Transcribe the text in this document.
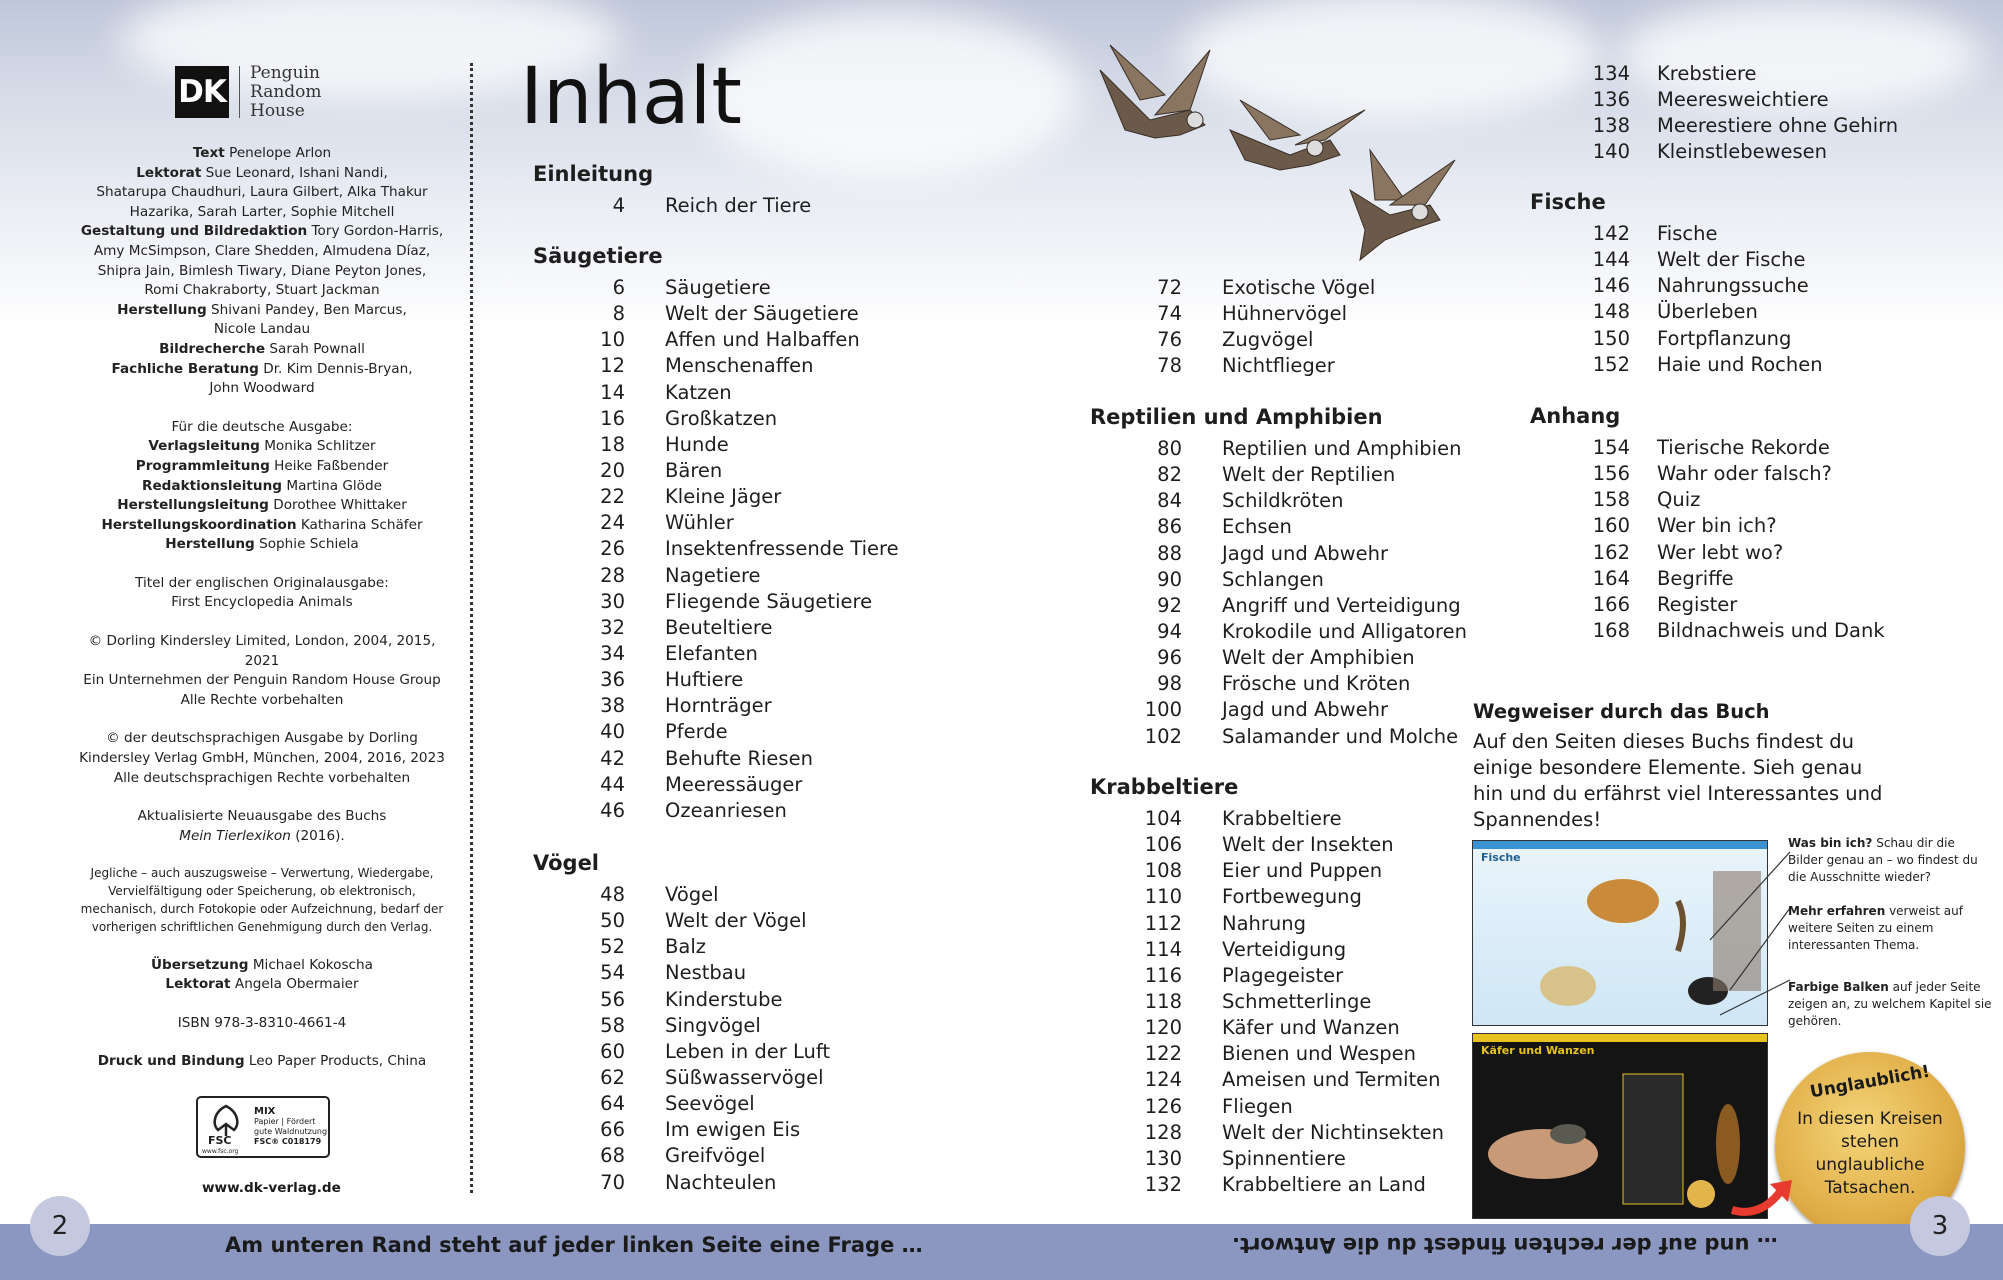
DK
Penguin
Random
House

Text Penelope Arlon

Lektorat Sue Leonard, Ishani Nandi,

Shatarupa Chaudhuri, Laura Gilbert, Alka Thakur

Hazarika, Sarah Larter, Sophie Mitchell

Gestaltung und Bildredaktion Tory Gordon-Harris,

Amy McSimpson, Clare Shedden, Almudena Díaz,

Shipra Jain, Bimlesh Tiwary, Diane Peyton Jones,

Romi Chakraborty, Stuart Jackman

Herstellung Shivani Pandey, Ben Marcus,

Nicole Landau

Bildrecherche Sarah Pownall

Fachliche Beratung Dr. Kim Dennis-Bryan,

John Woodward

Für die deutsche Ausgabe:

Verlagsleitung Monika Schlitzer

Programmleitung Heike Faßbender

Redaktionsleitung Martina Glöde

Herstellungsleitung Dorothee Whittaker

Herstellungskoordination Katharina Schäfer

Herstellung Sophie Schiela

Titel der englischen Originalausgabe:

First Encyclopedia Animals

© Dorling Kindersley Limited, London, 2004, 2015,

2021

Ein Unternehmen der Penguin Random House Group

Alle Rechte vorbehalten

© der deutschsprachigen Ausgabe by Dorling

Kindersley Verlag GmbH, München, 2004, 2016, 2023

Alle deutschsprachigen Rechte vorbehalten

Aktualisierte Neuausgabe des Buchs

Mein Tierlexikon (2016).

Jegliche – auch auszugsweise – Verwertung, Wiedergabe,

Vervielfältigung oder Speicherung, ob elektronisch,

mechanisch, durch Fotokopie oder Aufzeichnung, bedarf der

vorherigen schriftlichen Genehmigung durch den Verlag.

Übersetzung Michael Kokoscha

Lektorat Angela Obermaier

ISBN 978-3-8310-4661-4

Druck und Bindung Leo Paper Products, China

MIX
Papier | Fördert
gute Waldnutzung
FSC® C018179
FSC
www.fsc.org
www.dk-verlag.de
Inhalt
Einleitung
4 Reich der Tiere
Säugetiere
6 Säugetiere
8 Welt der Säugetiere
10 Affen und Halbaffen
12 Menschenaffen
14 Katzen
16 Großkatzen
18 Hunde
20 Bären
22 Kleine Jäger
24 Wühler
26 Insektenfressende Tiere
28 Nagetiere
30 Fliegende Säugetiere
32 Beuteltiere
34 Elefanten
36 Huftiere
38 Hornträger
40 Pferde
42 Behufte Riesen
44 Meeressäuger
46 Ozeanriesen
Vögel
48 Vögel
50 Welt der Vögel
52 Balz
54 Nestbau
56 Kinderstube
58 Singvögel
60 Leben in der Luft
62 Süßwasservögel
64 Seevögel
66 Im ewigen Eis
68 Greifvögel
70 Nachteulen
72 Exotische Vögel
74 Hühnervögel
76 Zugvögel
78 Nichtflieger
Reptilien und Amphibien
80 Reptilien und Amphibien
82 Welt der Reptilien
84 Schildkröten
86 Echsen
88 Jagd und Abwehr
90 Schlangen
92 Angriff und Verteidigung
94 Krokodile und Alligatoren
96 Welt der Amphibien
98 Frösche und Kröten
100 Jagd und Abwehr
102 Salamander und Molche
Krabbeltiere
104 Krabbeltiere
106 Welt der Insekten
108 Eier und Puppen
110 Fortbewegung
112 Nahrung
114 Verteidigung
116 Plagegeister
118 Schmetterlinge
120 Käfer und Wanzen
122 Bienen und Wespen
124 Ameisen und Termiten
126 Fliegen
128 Welt der Nichtinsekten
130 Spinnentiere
132 Krabbeltiere an Land
134 Krebstiere
136 Meeresweichtiere
138 Meerestiere ohne Gehirn
140 Kleinstlebewesen
Fische
142 Fische
144 Welt der Fische
146 Nahrungssuche
148 Überleben
150 Fortpflanzung
152 Haie und Rochen
Anhang
154 Tierische Rekorde
156 Wahr oder falsch?
158 Quiz
160 Wer bin ich?
162 Wer lebt wo?
164 Begriffe
166 Register
168 Bildnachweis und Dank
Wegweiser durch das Buch
Auf den Seiten dieses Buchs findest du einige besondere Elemente. Sieh genau hin und du erfährst viel Interessantes und Spannendes!
Fische
Käfer und Wanzen
Was bin ich? Schau dir die Bilder genau an – wo findest du die Ausschnitte wieder?
Mehr erfahren verweist auf weitere Seiten zu einem interessanten Thema.
Farbige Balken auf jeder Seite zeigen an, zu welchem Kapitel sie gehören.
Unglaublich!
In diesen Kreisen stehen unglaubliche Tatsachen.
Am unteren Rand steht auf jeder linken Seite eine Frage …	… und auf der rechten findest du die Antwort.
2	3
